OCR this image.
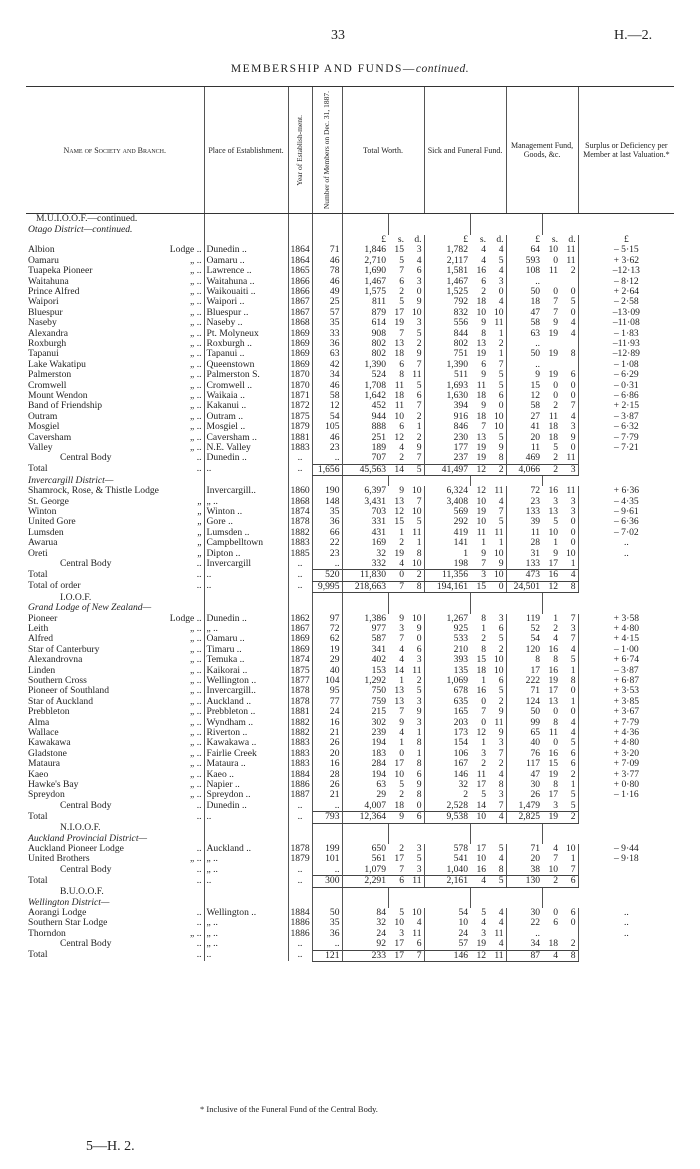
33	H.—2.
MEMBERSHIP AND FUNDS—continued.
Name of Society and Branch.	Place of Establishment.	Year of Establish-ment.	Number of Members on Dec. 31, 1887.	Total Worth.			Sick and Funeral Fund.			Management Fund, Goods, &c.			Surplus or Deficiency per Member at last Valuation.*
M.U.I.O.O.F.—continued.													
Otago District—continued.													
				£	s.	d.	£	s.	d.	£	s.	d.	£
Albion Lodge ..	Dunedin ..	1864	71	1,846	15	3	1,782	4	4	64	10	11	– 5·15
Oamaru „ ..	Oamaru ..	1864	46	2,710	5	4	2,117	4	5	593	0	11	+ 3·62
Tuapeka Pioneer „ ..	Lawrence ..	1865	78	1,690	7	6	1,581	16	4	108	11	2	–12·13
Waitahuna „ ..	Waitahuna ..	1866	46	1,467	6	3	1,467	6	3	..			– 8·12
Prince Alfred „ ..	Waikouaiti ..	1866	49	1,575	2	0	1,525	2	0	50	0	0	+ 2·64
Waipori „ ..	Waipori ..	1867	25	811	5	9	792	18	4	18	7	5	– 2·58
Bluespur „ ..	Bluespur ..	1867	57	879	17	10	832	10	10	47	7	0	–13·09
Naseby „ ..	Naseby ..	1868	35	614	19	3	556	9	11	58	9	4	–11·08
Alexandra „ ..	Pt. Molyneux	1869	33	908	7	5	844	8	1	63	19	4	– 1·83
Roxburgh „ ..	Roxburgh ..	1869	36	802	13	2	802	13	2	..			–11·93
Tapanui „ ..	Tapanui ..	1869	63	802	18	9	751	19	1	50	19	8	–12·89
Lake Wakatipu „ ..	Queenstown	1869	42	1,390	6	7	1,390	6	7	..			– 1·08
Palmerston „ ..	Palmerston S.	1870	34	524	8	11	511	9	5	9	19	6	– 6·29
Cromwell „ ..	Cromwell ..	1870	46	1,708	11	5	1,693	11	5	15	0	0	– 0·31
Mount Wendon „ ..	Waikaia ..	1871	58	1,642	18	6	1,630	18	6	12	0	0	– 6·86
Band of Friendship „ ..	Kakanui ..	1872	12	452	11	7	394	9	0	58	2	7	+ 2·15
Outram „ ..	Outram ..	1875	54	944	10	2	916	18	10	27	11	4	– 3·87
Mosgiel „ ..	Mosgiel ..	1879	105	888	6	1	846	7	10	41	18	3	– 6·32
Caversham „ ..	Caversham ..	1881	46	251	12	2	230	13	5	20	18	9	– 7·79
Valley „ ..	N.E. Valley	1883	23	189	4	9	177	19	9	11	5	0	– 7·21
Central Body ..	Dunedin ..	..	..	707	2	7	237	19	8	469	2	11	
Total ..	..	..	1,656	45,563	14	5	41,497	12	2	4,066	2	3	
Invercargill District—													
Shamrock, Rose, & Thistle Lodge	Invercargill..	1860	190	6,397	9	10	6,324	12	11	72	16	11	+ 6·36
St. George „	„ ..	1868	148	3,431	13	7	3,408	10	4	23	3	3	– 4·35
Winton „	Winton ..	1874	35	703	12	10	569	19	7	133	13	3	– 9·61
United Gore „	Gore ..	1878	36	331	15	5	292	10	5	39	5	0	– 6·36
Lumsden „	Lumsden ..	1882	66	431	1	11	419	11	11	11	10	0	– 7·02
Awarua „	Campbelltown	1883	22	169	2	1	141	1	1	28	1	0	..
Oreti „	Dipton ..	1885	23	32	19	8	1	9	10	31	9	10	..
Central Body ..	Invercargill	..	..	332	4	10	198	7	9	133	17	1	
Total ..	..	..	520	11,830	0	2	11,356	3	10	473	16	4	
Total of order ..	..	..	9,995	218,663	7	8	194,161	15	0	24,501	12	8	
I.O.O.F.													
Grand Lodge of New Zealand—													
Pioneer Lodge ..	Dunedin ..	1862	97	1,386	9	10	1,267	8	3	119	1	7	+ 3·58
Leith „ ..	„ ..	1867	72	977	3	9	925	1	6	52	2	3	+ 4·80
Alfred „ ..	Oamaru ..	1869	62	587	7	0	533	2	5	54	4	7	+ 4·15
Star of Canterbury „ ..	Timaru ..	1869	19	341	4	6	210	8	2	120	16	4	– 1·00
Alexandrovna „ ..	Temuka ..	1874	29	402	4	3	393	15	10	8	8	5	+ 6·74
Linden „ ..	Kaikorai ..	1875	40	153	14	11	135	18	10	17	16	1	– 3·87
Southern Cross „ ..	Wellington ..	1877	104	1,292	1	2	1,069	1	6	222	19	8	+ 6·87
Pioneer of Southland „ ..	Invercargill..	1878	95	750	13	5	678	16	5	71	17	0	+ 3·53
Star of Auckland „ ..	Auckland ..	1878	77	759	13	3	635	0	2	124	13	1	+ 3·85
Prebbleton „ ..	Prebbleton ..	1881	24	215	7	9	165	7	9	50	0	0	+ 3·67
Alma „ ..	Wyndham ..	1882	16	302	9	3	203	0	11	99	8	4	+ 7·79
Wallace „ ..	Riverton ..	1882	21	239	4	1	173	12	9	65	11	4	+ 4·36
Kawakawa „ ..	Kawakawa ..	1883	26	194	1	8	154	1	3	40	0	5	+ 4·80
Gladstone „ ..	Fairlie Creek	1883	20	183	0	1	106	3	7	76	16	6	+ 3·20
Mataura „ ..	Mataura ..	1883	16	284	17	8	167	2	2	117	15	6	+ 7·09
Kaeo „ ..	Kaeo ..	1884	28	194	10	6	146	11	4	47	19	2	+ 3·77
Hawke's Bay „ ..	Napier ..	1886	26	63	5	9	32	17	8	30	8	1	+ 0·80
Spreydon „ ..	Spreydon ..	1887	21	29	2	8	2	5	3	26	17	5	– 1·16
Central Body ..	Dunedin ..	..	..	4,007	18	0	2,528	14	7	1,479	3	5	
Total ..	..	..	793	12,364	9	6	9,538	10	4	2,825	19	2	
N.I.O.O.F.													
Auckland Provincial District—													
Auckland Pioneer Lodge ..	Auckland ..	1878	199	650	2	3	578	17	5	71	4	10	– 9·44
United Brothers „ ..	„ ..	1879	101	561	17	5	541	10	4	20	7	1	– 9·18
Central Body ..	„ ..	..	..	1,079	7	3	1,040	16	8	38	10	7	
Total ..	..	..	300	2,291	6	11	2,161	4	5	130	2	6	
B.U.O.O.F.													
Wellington District—													
Aorangi Lodge ..	Wellington ..	1884	50	84	5	10	54	5	4	30	0	6	..
Southern Star Lodge ..	„ ..	1886	35	32	10	4	10	4	4	22	6	0	..
Thorndon „ ..	„ ..	1886	36	24	3	11	24	3	11	..			..
Central Body ..	„ ..	..	..	92	17	6	57	19	4	34	18	2	
Total ..	..	..	121	233	17	7	146	12	11	87	4	8	
* Inclusive of the Funeral Fund of the Central Body.
5—H. 2.
